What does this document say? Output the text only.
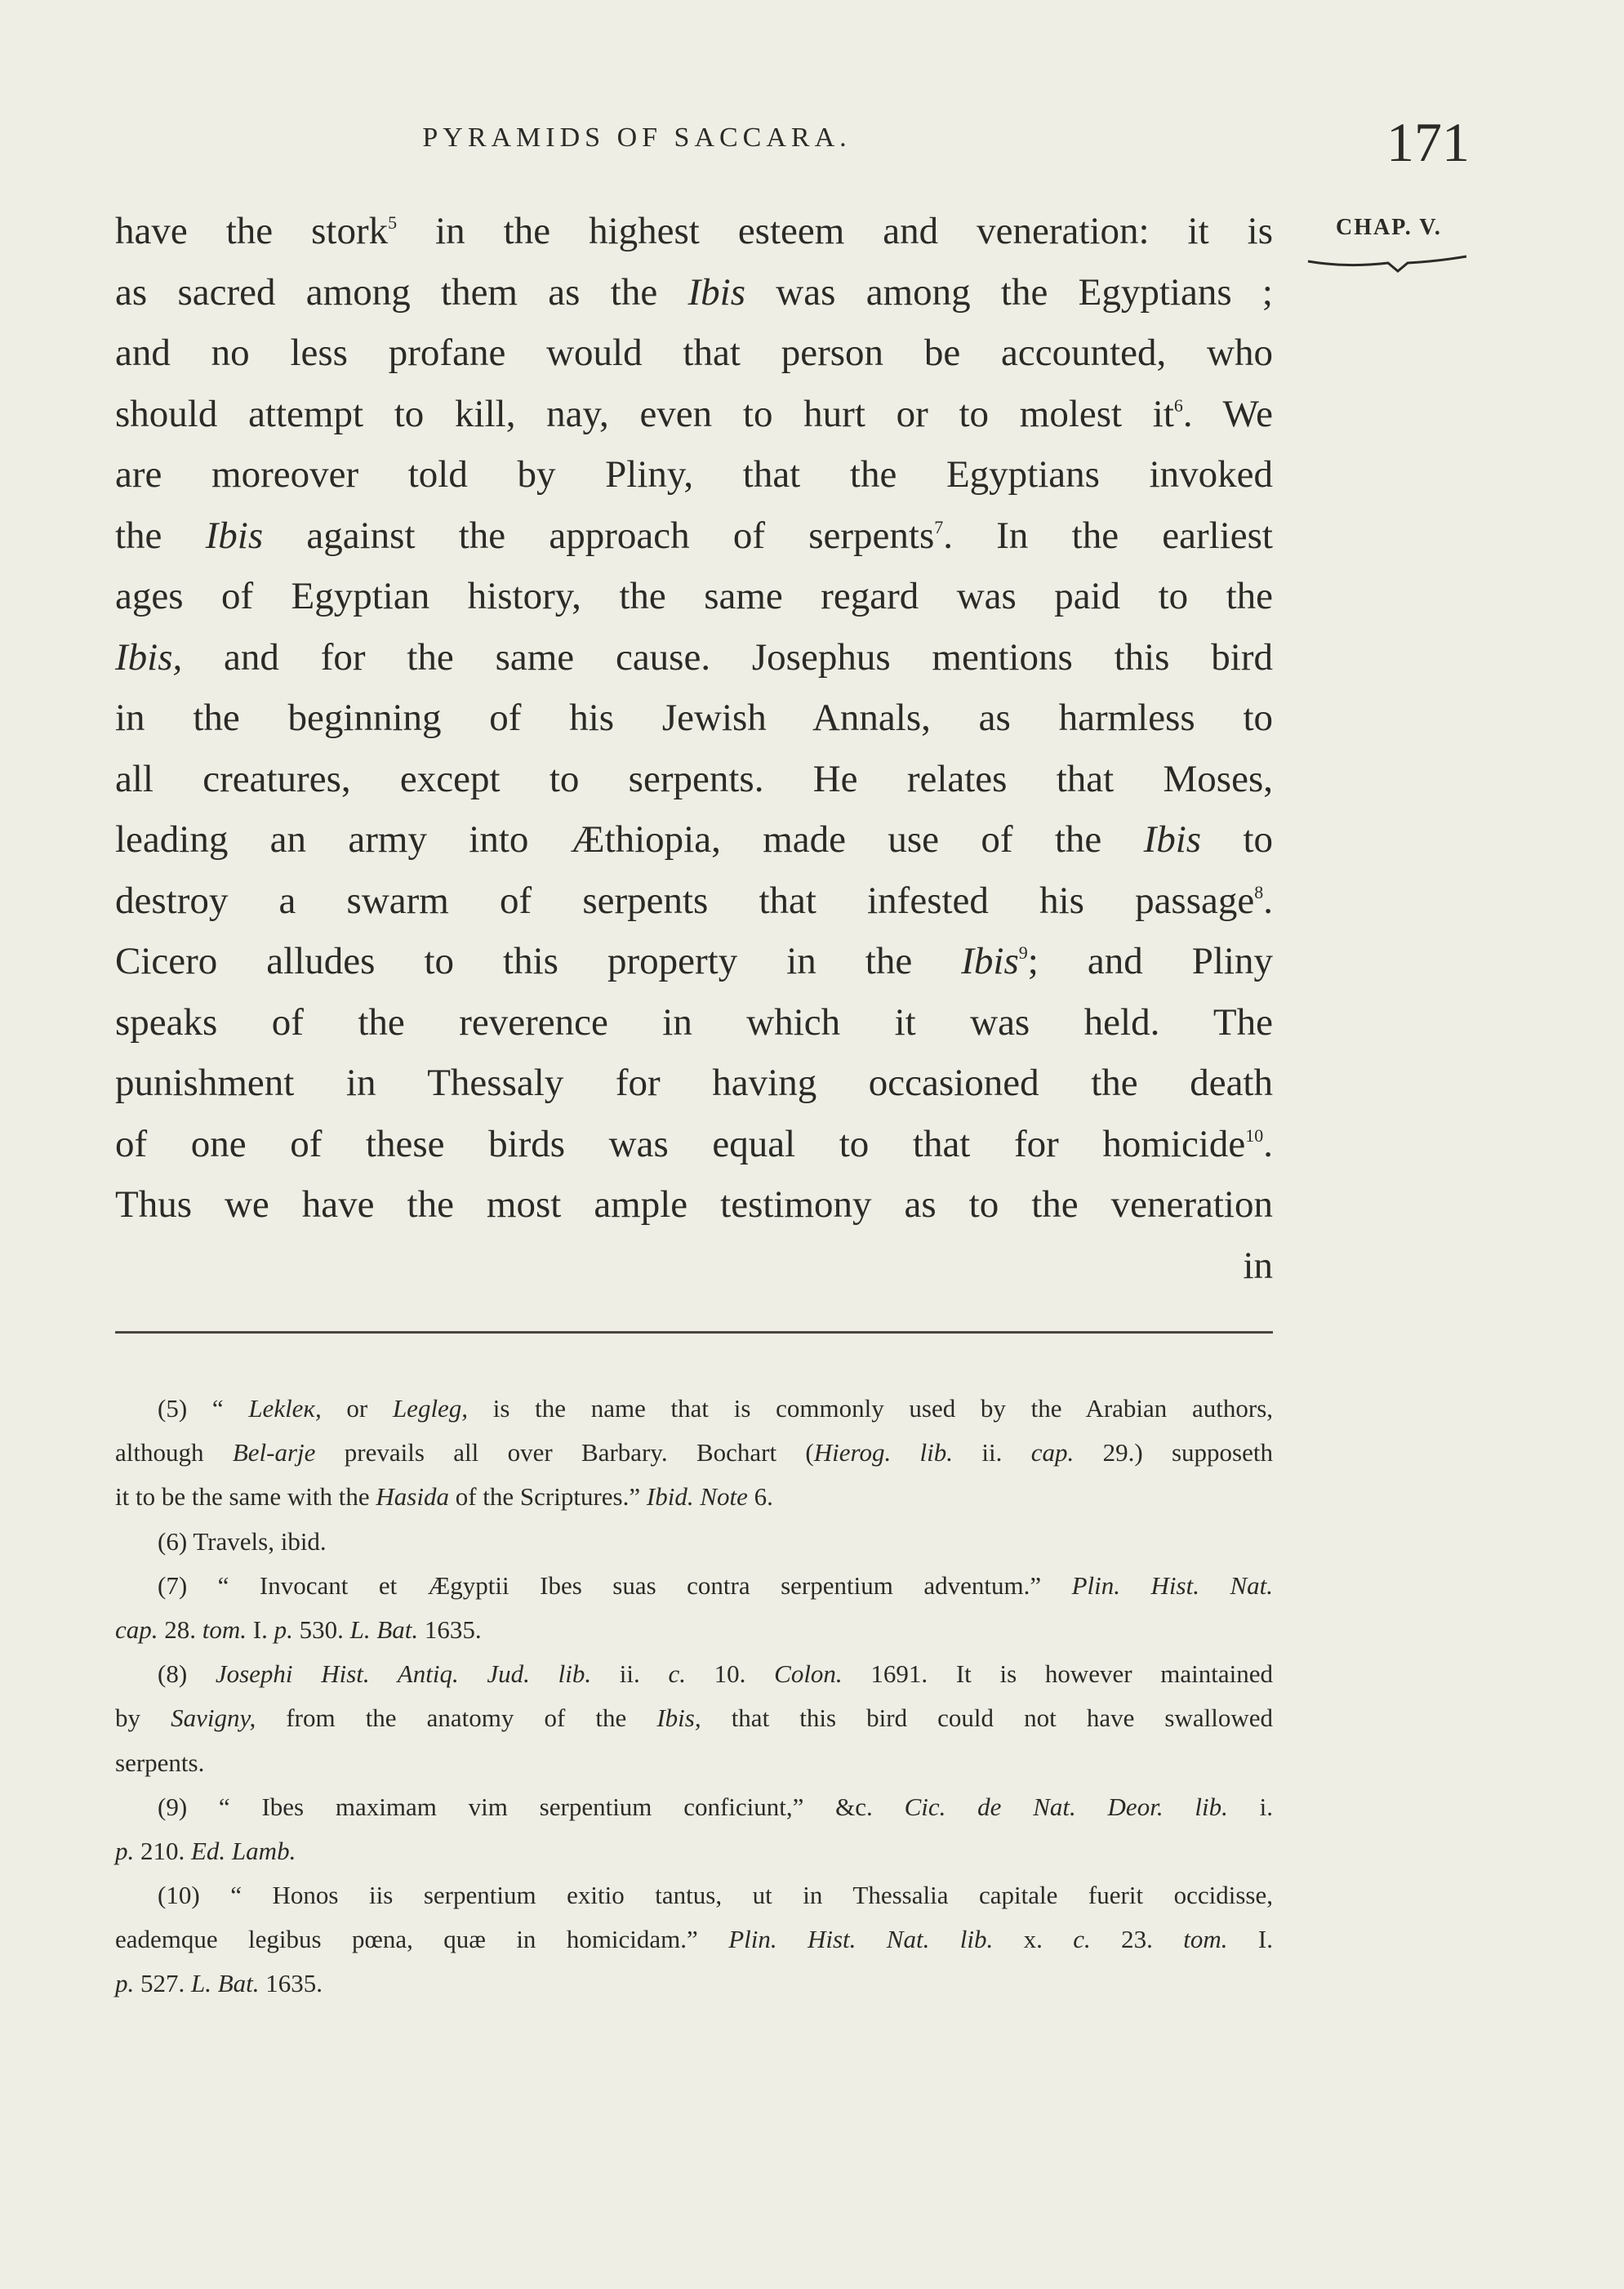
PYRAMIDS OF SACCARA.	171
CHAP. V.
have the stork$^5$ in the highest esteem and veneration: it is
as sacred among them as the Ibis was among the Egyptians ;
and no less profane would that person be accounted, who
should attempt to kill, nay, even to hurt or to molest $it^6$. We
are moreover told by Pliny, that the Egyptians invoked
the Ibis against the approach of serpents$^7$. In the earliest
ages of Egyptian history, the same regard was paid to the
Ibis, and for the same cause. Josephus mentions this bird
in the beginning of his Jewish Annals, as harmless to
all creatures, except to serpents. He relates that Moses,
leading an army into Æthiopia, made use of the Ibis to
destroy a swarm of serpents that infested his passage$^8$.
Cicero alludes to this property in the Ibis$^9$; and Pliny
speaks of the reverence in which it was held. The
punishment in Thessaly for having occasioned the death
of one of these birds was equal to that for homicide$^{10}$.
Thus we have the most ample testimony as to the veneration
in
(5) “ Lekleк, or Legleg, is the name that is commonly used by the Arabian authors,
although Bel-arje prevails all over Barbary. Bochart (Hierog. lib. ii. cap. 29.) supposeth
it to be the same with the Hasida of the Scriptures.” Ibid. Note 6.
(6) Travels, ibid.
(7) “ Invocant et Ægyptii Ibes suas contra serpentium adventum.” Plin. Hist. Nat.
cap. 28. tom. I. p. 530. L. Bat. 1635.
(8) Josephi Hist. Antiq. Jud. lib. ii. c. 10. Colon. 1691. It is however maintained
by Savigny, from the anatomy of the Ibis, that this bird could not have swallowed
serpents.
(9) “ Ibes maximam vim serpentium conficiunt,” &c. Cic. de Nat. Deor. lib. i.
p. 210. Ed. Lamb.
(10) “ Honos iis serpentium exitio tantus, ut in Thessalia capitale fuerit occidisse,
eademque legibus pœna, quæ in homicidam.” Plin. Hist. Nat. lib. x. c. 23. tom. I.
p. 527. L. Bat. 1635.
